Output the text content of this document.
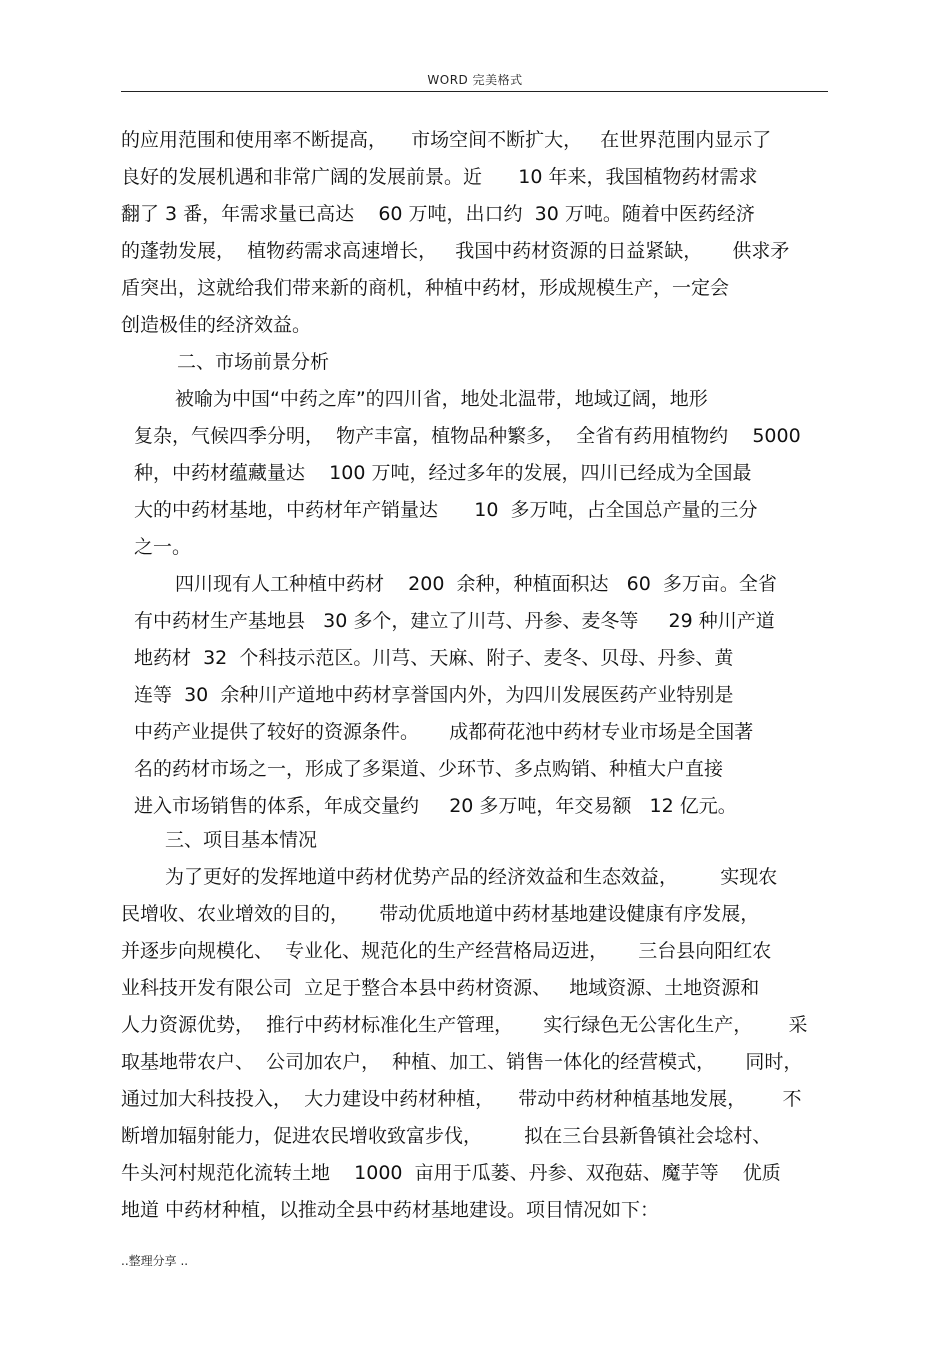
WORD 完美格式
的应用范围和使用率不断提高，    市场空间不断扩大，   在世界范围内显示了
良好的发展机遇和非常广阔的发展前景。近      10 年来，我国植物药材需求
翻了 3 番，年需求量已高达    60 万吨，出口约  30 万吨。随着中医药经济
的蓬勃发展，  植物药需求高速增长，   我国中药材资源的日益紧缺，     供求矛
盾突出，这就给我们带来新的商机，种植中药材，形成规模生产，一定会
创造极佳的经济效益。
二、市场前景分析
被喻为中国“中药之库”的四川省，地处北温带，地域辽阔，地形
复杂，气候四季分明，  物产丰富，植物品种繁多，  全省有药用植物约    5000
种，中药材蕴藏量达    100 万吨，经过多年的发展，四川已经成为全国最
大的中药材基地，中药材年产销量达      10  多万吨，占全国总产量的三分
之一。
四川现有人工种植中药材    200  余种，种植面积达   60  多万亩。全省
有中药材生产基地县   30 多个，建立了川芎、丹参、麦冬等     29 种川产道
地药材  32  个科技示范区。川芎、天麻、附子、麦冬、贝母、丹参、黄
连等  30  余种川产道地中药材享誉国内外，为四川发展医药产业特别是
中药产业提供了较好的资源条件。     成都荷花池中药材专业市场是全国著
名的药材市场之一，形成了多渠道、少环节、多点购销、种植大户直接
进入市场销售的体系，年成交量约     20 多万吨，年交易额   12 亿元。
三、项目基本情况
为了更好的发挥地道中药材优势产品的经济效益和生态效益，       实现农
民增收、农业增效的目的，     带动优质地道中药材基地建设健康有序发展，
并逐步向规模化、  专业化、规范化的生产经营格局迈进，     三台县向阳红农
业科技开发有限公司  立足于整合本县中药材资源、   地域资源、土地资源和
人力资源优势，  推行中药材标准化生产管理，     实行绿色无公害化生产，      采
取基地带农户、  公司加农户，  种植、加工、销售一体化的经营模式，     同时，
通过加大科技投入，  大力建设中药材种植，    带动中药材种植基地发展，      不
断增加辐射能力，促进农民增收致富步伐，       拟在三台县新鲁镇社会埝村、
牛头河村规范化流转土地    1000  亩用于瓜蒌、丹参、双孢菇、魔芋等    优质
地道 中药材种植，以推动全县中药材基地建设。项目情况如下：
..整理分享 ..
